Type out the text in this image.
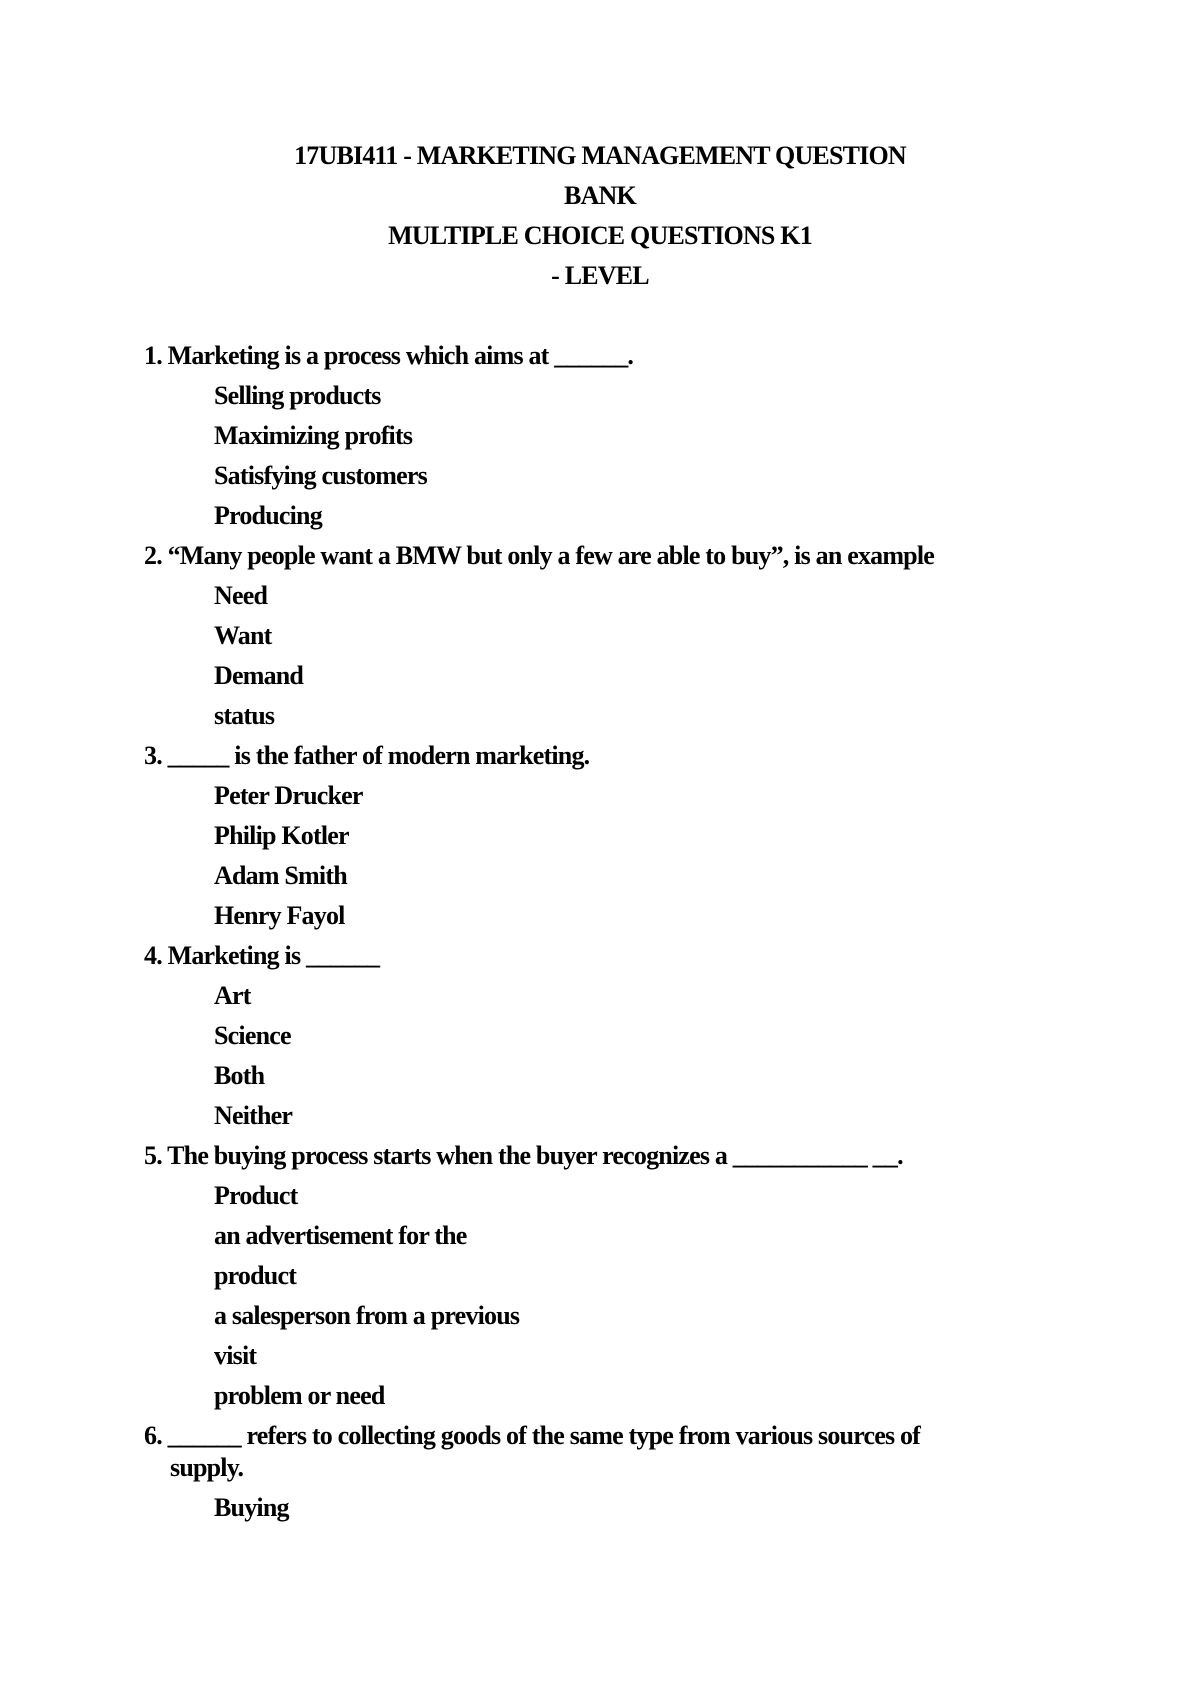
17UBI411 - MARKETING MANAGEMENT QUESTION
BANK
MULTIPLE CHOICE QUESTIONS K1
- LEVEL
1. Marketing is a process which aims at ______.
Selling products
Maximizing profits
Satisfying customers
Producing
2. “Many people want a BMW but only a few are able to buy”, is an example
Need
Want
Demand
status
3. _____ is the father of modern marketing.
Peter Drucker
Philip Kotler
Adam Smith
Henry Fayol
4. Marketing is ______
Art
Science
Both
Neither
5. The buying process starts when the buyer recognizes a ___________ __.
Product
an advertisement for the
product
a salesperson from a previous
visit
problem or need
6. ______ refers to collecting goods of the same type from various sources of
supply.
Buying
